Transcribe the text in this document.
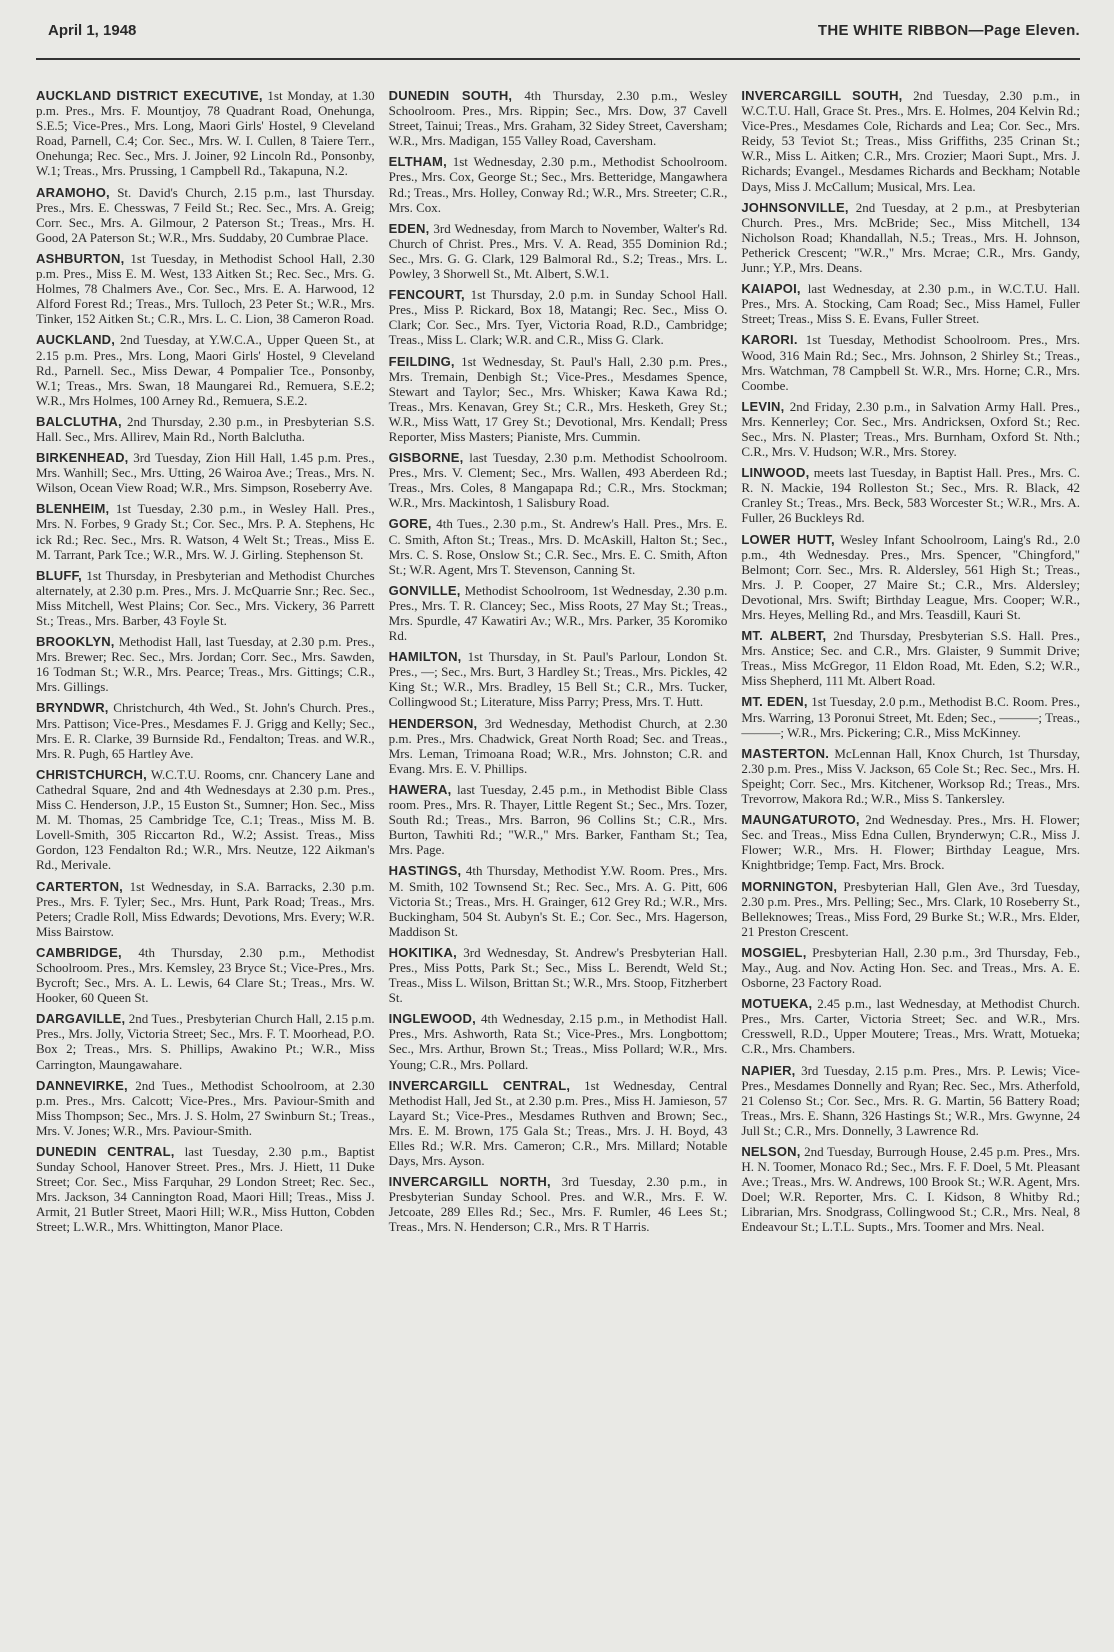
April 1, 1948	THE WHITE RIBBON—Page Eleven.

AUCKLAND DISTRICT EXECUTIVE, 1st Monday, at 1.30 p.m. Pres., Mrs. F. Mountjoy, 78 Quadrant Road, Onehunga, S.E.5; Vice-Pres., Mrs. Long, Maori Girls' Hostel, 9 Cleveland Road, Parnell, C.4; Cor. Sec., Mrs. W. I. Cullen, 8 Taiere Terr., Onehunga; Rec. Sec., Mrs. J. Joiner, 92 Lincoln Rd., Ponsonby, W.1; Treas., Mrs. Prussing, 1 Campbell Rd., Takapuna, N.2.

ARAMOHO, St. David's Church, 2.15 p.m., last Thursday. Pres., Mrs. E. Chesswas, 7 Feild St.; Rec. Sec., Mrs. A. Greig; Corr. Sec., Mrs. A. Gilmour, 2 Paterson St.; Treas., Mrs. H. Good, 2A Paterson St.; W.R., Mrs. Suddaby, 20 Cumbrae Place.

ASHBURTON, 1st Tuesday, in Methodist School Hall, 2.30 p.m. Pres., Miss E. M. West, 133 Aitken St.; Rec. Sec., Mrs. G. Holmes, 78 Chalmers Ave., Cor. Sec., Mrs. E. A. Harwood, 12 Alford Forest Rd.; Treas., Mrs. Tulloch, 23 Peter St.; W.R., Mrs. Tinker, 152 Aitken St.; C.R., Mrs. L. C. Lion, 38 Cameron Road.

AUCKLAND, 2nd Tuesday, at Y.W.C.A., Upper Queen St., at 2.15 p.m. Pres., Mrs. Long, Maori Girls' Hostel, 9 Cleveland Rd., Parnell. Sec., Miss Dewar, 4 Pompalier Tce., Ponsonby, W.1; Treas., Mrs. Swan, 18 Maungarei Rd., Remuera, S.E.2; W.R., Mrs Holmes, 100 Arney Rd., Remuera, S.E.2.

BALCLUTHA, 2nd Thursday, 2.30 p.m., in Presbyterian S.S. Hall. Sec., Mrs. Allirev, Main Rd., North Balclutha.

BIRKENHEAD, 3rd Tuesday, Zion Hill Hall, 1.45 p.m. Pres., Mrs. Wanhill; Sec., Mrs. Utting, 26 Wairoa Ave.; Treas., Mrs. N. Wilson, Ocean View Road; W.R., Mrs. Simpson, Roseberry Ave.

BLENHEIM, 1st Tuesday, 2.30 p.m., in Wesley Hall. Pres., Mrs. N. Forbes, 9 Grady St.; Cor. Sec., Mrs. P. A. Stephens, Hc ick Rd.; Rec. Sec., Mrs. R. Watson, 4 Welt St.; Treas., Miss E. M. Tarrant, Park Tce.; W.R., Mrs. W. J. Girling. Stephenson St.

BLUFF, 1st Thursday, in Presbyterian and Methodist Churches alternately, at 2.30 p.m. Pres., Mrs. J. McQuarrie Snr.; Rec. Sec., Miss Mitchell, West Plains; Cor. Sec., Mrs. Vickery, 36 Parrett St.; Treas., Mrs. Barber, 43 Foyle St.

BROOKLYN, Methodist Hall, last Tuesday, at 2.30 p.m. Pres., Mrs. Brewer; Rec. Sec., Mrs. Jordan; Corr. Sec., Mrs. Sawden, 16 Todman St.; W.R., Mrs. Pearce; Treas., Mrs. Gittings; C.R., Mrs. Gillings.

BRYNDWR, Christchurch, 4th Wed., St. John's Church. Pres., Mrs. Pattison; Vice-Pres., Mesdames F. J. Grigg and Kelly; Sec., Mrs. E. R. Clarke, 39 Burnside Rd., Fendalton; Treas. and W.R., Mrs. R. Pugh, 65 Hartley Ave.

CHRISTCHURCH, W.C.T.U. Rooms, cnr. Chancery Lane and Cathedral Square, 2nd and 4th Wednesdays at 2.30 p.m. Pres., Miss C. Henderson, J.P., 15 Euston St., Sumner; Hon. Sec., Miss M. M. Thomas, 25 Cambridge Tce, C.1; Treas., Miss M. B. Lovell-Smith, 305 Riccarton Rd., W.2; Assist. Treas., Miss Gordon, 123 Fendalton Rd.; W.R., Mrs. Neutze, 122 Aikman's Rd., Merivale.

CARTERTON, 1st Wednesday, in S.A. Barracks, 2.30 p.m. Pres., Mrs. F. Tyler; Sec., Mrs. Hunt, Park Road; Treas., Mrs. Peters; Cradle Roll, Miss Edwards; Devotions, Mrs. Every; W.R. Miss Bairstow.

CAMBRIDGE, 4th Thursday, 2.30 p.m., Methodist Schoolroom. Pres., Mrs. Kemsley, 23 Bryce St.; Vice-Pres., Mrs. Bycroft; Sec., Mrs. A. L. Lewis, 64 Clare St.; Treas., Mrs. W. Hooker, 60 Queen St.

DARGAVILLE, 2nd Tues., Presbyterian Church Hall, 2.15 p.m. Pres., Mrs. Jolly, Victoria Street; Sec., Mrs. F. T. Moorhead, P.O. Box 2; Treas., Mrs. S. Phillips, Awakino Pt.; W.R., Miss Carrington, Maungawahare.

DANNEVIRKE, 2nd Tues., Methodist Schoolroom, at 2.30 p.m. Pres., Mrs. Calcott; Vice-Pres., Mrs. Paviour-Smith and Miss Thompson; Sec., Mrs. J. S. Holm, 27 Swinburn St.; Treas., Mrs. V. Jones; W.R., Mrs. Paviour-Smith.

DUNEDIN CENTRAL, last Tuesday, 2.30 p.m., Baptist Sunday School, Hanover Street. Pres., Mrs. J. Hiett, 11 Duke Street; Cor. Sec., Miss Farquhar, 29 London Street; Rec. Sec., Mrs. Jackson, 34 Cannington Road, Maori Hill; Treas., Miss J. Armit, 21 Butler Street, Maori Hill; W.R., Miss Hutton, Cobden Street; L.W.R., Mrs. Whittington, Manor Place.

DUNEDIN SOUTH, 4th Thursday, 2.30 p.m., Wesley Schoolroom. Pres., Mrs. Rippin; Sec., Mrs. Dow, 37 Cavell Street, Tainui; Treas., Mrs. Graham, 32 Sidey Street, Caversham; W.R., Mrs. Madigan, 155 Valley Road, Caversham.

ELTHAM, 1st Wednesday, 2.30 p.m., Methodist Schoolroom. Pres., Mrs. Cox, George St.; Sec., Mrs. Betteridge, Mangawhera Rd.; Treas., Mrs. Holley, Conway Rd.; W.R., Mrs. Streeter; C.R., Mrs. Cox.

EDEN, 3rd Wednesday, from March to November, Walter's Rd. Church of Christ. Pres., Mrs. V. A. Read, 355 Dominion Rd.; Sec., Mrs. G. G. Clark, 129 Balmoral Rd., S.2; Treas., Mrs. L. Powley, 3 Shorwell St., Mt. Albert, S.W.1.

FENCOURT, 1st Thursday, 2.0 p.m. in Sunday School Hall. Pres., Miss P. Rickard, Box 18, Matangi; Rec. Sec., Miss O. Clark; Cor. Sec., Mrs. Tyer, Victoria Road, R.D., Cambridge; Treas., Miss L. Clark; W.R. and C.R., Miss G. Clark.

FEILDING, 1st Wednesday, St. Paul's Hall, 2.30 p.m. Pres., Mrs. Tremain, Denbigh St.; Vice-Pres., Mesdames Spence, Stewart and Taylor; Sec., Mrs. Whisker; Kawa Kawa Rd.; Treas., Mrs. Kenavan, Grey St.; C.R., Mrs. Hesketh, Grey St.; W.R., Miss Watt, 17 Grey St.; Devotional, Mrs. Kendall; Press Reporter, Miss Masters; Pianiste, Mrs. Cummin.

GISBORNE, last Tuesday, 2.30 p.m. Methodist Schoolroom. Pres., Mrs. V. Clement; Sec., Mrs. Wallen, 493 Aberdeen Rd.; Treas., Mrs. Coles, 8 Mangapapa Rd.; C.R., Mrs. Stockman; W.R., Mrs. Mackintosh, 1 Salisbury Road.

GORE, 4th Tues., 2.30 p.m., St. Andrew's Hall. Pres., Mrs. E. C. Smith, Afton St.; Treas., Mrs. D. McAskill, Halton St.; Sec., Mrs. C. S. Rose, Onslow St.; C.R. Sec., Mrs. E. C. Smith, Afton St.; W.R. Agent, Mrs T. Stevenson, Canning St.

GONVILLE, Methodist Schoolroom, 1st Wednesday, 2.30 p.m. Pres., Mrs. T. R. Clancey; Sec., Miss Roots, 27 May St.; Treas., Mrs. Spurdle, 47 Kawatiri Av.; W.R., Mrs. Parker, 35 Koromiko Rd.

HAMILTON, 1st Thursday, in St. Paul's Parlour, London St. Pres., —; Sec., Mrs. Burt, 3 Hardley St.; Treas., Mrs. Pickles, 42 King St.; W.R., Mrs. Bradley, 15 Bell St.; C.R., Mrs. Tucker, Collingwood St.; Literature, Miss Parry; Press, Mrs. T. Hutt.

HENDERSON, 3rd Wednesday, Methodist Church, at 2.30 p.m. Pres., Mrs. Chadwick, Great North Road; Sec. and Treas., Mrs. Leman, Trimoana Road; W.R., Mrs. Johnston; C.R. and Evang. Mrs. E. V. Phillips.

HAWERA, last Tuesday, 2.45 p.m., in Methodist Bible Class room. Pres., Mrs. R. Thayer, Little Regent St.; Sec., Mrs. Tozer, South Rd.; Treas., Mrs. Barron, 96 Collins St.; C.R., Mrs. Burton, Tawhiti Rd.; "W.R.," Mrs. Barker, Fantham St.; Tea, Mrs. Page.

HASTINGS, 4th Thursday, Methodist Y.W. Room. Pres., Mrs. M. Smith, 102 Townsend St.; Rec. Sec., Mrs. A. G. Pitt, 606 Victoria St.; Treas., Mrs. H. Grainger, 612 Grey Rd.; W.R., Mrs. Buckingham, 504 St. Aubyn's St. E.; Cor. Sec., Mrs. Hagerson, Maddison St.

HOKITIKA, 3rd Wednesday, St. Andrew's Presbyterian Hall. Pres., Miss Potts, Park St.; Sec., Miss L. Berendt, Weld St.; Treas., Miss L. Wilson, Brittan St.; W.R., Mrs. Stoop, Fitzherbert St.

INGLEWOOD, 4th Wednesday, 2.15 p.m., in Methodist Hall. Pres., Mrs. Ashworth, Rata St.; Vice-Pres., Mrs. Longbottom; Sec., Mrs. Arthur, Brown St.; Treas., Miss Pollard; W.R., Mrs. Young; C.R., Mrs. Pollard.

INVERCARGILL CENTRAL, 1st Wednesday, Central Methodist Hall, Jed St., at 2.30 p.m. Pres., Miss H. Jamieson, 57 Layard St.; Vice-Pres., Mesdames Ruthven and Brown; Sec., Mrs. E. M. Brown, 175 Gala St.; Treas., Mrs. J. H. Boyd, 43 Elles Rd.; W.R. Mrs. Cameron; C.R., Mrs. Millard; Notable Days, Mrs. Ayson.

INVERCARGILL NORTH, 3rd Tuesday, 2.30 p.m., in Presbyterian Sunday School. Pres. and W.R., Mrs. F. W. Jetcoate, 289 Elles Rd.; Sec., Mrs. F. Rumler, 46 Lees St.; Treas., Mrs. N. Henderson; C.R., Mrs. R T Harris.

INVERCARGILL SOUTH, 2nd Tuesday, 2.30 p.m., in W.C.T.U. Hall, Grace St. Pres., Mrs. E. Holmes, 204 Kelvin Rd.; Vice-Pres., Mesdames Cole, Richards and Lea; Cor. Sec., Mrs. Reidy, 53 Teviot St.; Treas., Miss Griffiths, 235 Crinan St.; W.R., Miss L. Aitken; C.R., Mrs. Crozier; Maori Supt., Mrs. J. Richards; Evangel., Mesdames Richards and Beckham; Notable Days, Miss J. McCallum; Musical, Mrs. Lea.

JOHNSONVILLE, 2nd Tuesday, at 2 p.m., at Presbyterian Church. Pres., Mrs. McBride; Sec., Miss Mitchell, 134 Nicholson Road; Khandallah, N.5.; Treas., Mrs. H. Johnson, Petherick Crescent; "W.R.," Mrs. Mcrae; C.R., Mrs. Gandy, Junr.; Y.P., Mrs. Deans.

KAIAPOI, last Wednesday, at 2.30 p.m., in W.C.T.U. Hall. Pres., Mrs. A. Stocking, Cam Road; Sec., Miss Hamel, Fuller Street; Treas., Miss S. E. Evans, Fuller Street.

KARORI. 1st Tuesday, Methodist Schoolroom. Pres., Mrs. Wood, 316 Main Rd.; Sec., Mrs. Johnson, 2 Shirley St.; Treas., Mrs. Watchman, 78 Campbell St. W.R., Mrs. Horne; C.R., Mrs. Coombe.

LEVIN, 2nd Friday, 2.30 p.m., in Salvation Army Hall. Pres., Mrs. Kennerley; Cor. Sec., Mrs. Andricksen, Oxford St.; Rec. Sec., Mrs. N. Plaster; Treas., Mrs. Burnham, Oxford St. Nth.; C.R., Mrs. V. Hudson; W.R., Mrs. Storey.

LINWOOD, meets last Tuesday, in Baptist Hall. Pres., Mrs. C. R. N. Mackie, 194 Rolleston St.; Sec., Mrs. R. Black, 42 Cranley St.; Treas., Mrs. Beck, 583 Worcester St.; W.R., Mrs. A. Fuller, 26 Buckleys Rd.

LOWER HUTT, Wesley Infant Schoolroom, Laing's Rd., 2.0 p.m., 4th Wednesday. Pres., Mrs. Spencer, "Chingford," Belmont; Corr. Sec., Mrs. R. Aldersley, 561 High St.; Treas., Mrs. J. P. Cooper, 27 Maire St.; C.R., Mrs. Aldersley; Devotional, Mrs. Swift; Birthday League, Mrs. Cooper; W.R., Mrs. Heyes, Melling Rd., and Mrs. Teasdill, Kauri St.

MT. ALBERT, 2nd Thursday, Presbyterian S.S. Hall. Pres., Mrs. Anstice; Sec. and C.R., Mrs. Glaister, 9 Summit Drive; Treas., Miss McGregor, 11 Eldon Road, Mt. Eden, S.2; W.R., Miss Shepherd, 111 Mt. Albert Road.

MT. EDEN, 1st Tuesday, 2.0 p.m., Methodist B.C. Room. Pres., Mrs. Warring, 13 Poronui Street, Mt. Eden; Sec., ———; Treas., ———; W.R., Mrs. Pickering; C.R., Miss McKinney.

MASTERTON. McLennan Hall, Knox Church, 1st Thursday, 2.30 p.m. Pres., Miss V. Jackson, 65 Cole St.; Rec. Sec., Mrs. H. Speight; Corr. Sec., Mrs. Kitchener, Worksop Rd.; Treas., Mrs. Trevorrow, Makora Rd.; W.R., Miss S. Tankersley.

MAUNGATUROTO, 2nd Wednesday. Pres., Mrs. H. Flower; Sec. and Treas., Miss Edna Cullen, Brynderwyn; C.R., Miss J. Flower; W.R., Mrs. H. Flower; Birthday League, Mrs. Knightbridge; Temp. Fact, Mrs. Brock.

MORNINGTON, Presbyterian Hall, Glen Ave., 3rd Tuesday, 2.30 p.m. Pres., Mrs. Pelling; Sec., Mrs. Clark, 10 Roseberry St., Belleknowes; Treas., Miss Ford, 29 Burke St.; W.R., Mrs. Elder, 21 Preston Crescent.

MOSGIEL, Presbyterian Hall, 2.30 p.m., 3rd Thursday, Feb., May., Aug. and Nov. Acting Hon. Sec. and Treas., Mrs. A. E. Osborne, 23 Factory Road.

MOTUEKA, 2.45 p.m., last Wednesday, at Methodist Church. Pres., Mrs. Carter, Victoria Street; Sec. and W.R., Mrs. Cresswell, R.D., Upper Moutere; Treas., Mrs. Wratt, Motueka; C.R., Mrs. Chambers.

NAPIER, 3rd Tuesday, 2.15 p.m. Pres., Mrs. P. Lewis; Vice-Pres., Mesdames Donnelly and Ryan; Rec. Sec., Mrs. Atherfold, 21 Colenso St.; Cor. Sec., Mrs. R. G. Martin, 56 Battery Road; Treas., Mrs. E. Shann, 326 Hastings St.; W.R., Mrs. Gwynne, 24 Jull St.; C.R., Mrs. Donnelly, 3 Lawrence Rd.

NELSON, 2nd Tuesday, Burrough House, 2.45 p.m. Pres., Mrs. H. N. Toomer, Monaco Rd.; Sec., Mrs. F. F. Doel, 5 Mt. Pleasant Ave.; Treas., Mrs. W. Andrews, 100 Brook St.; W.R. Agent, Mrs. Doel; W.R. Reporter, Mrs. C. I. Kidson, 8 Whitby Rd.; Librarian, Mrs. Snodgrass, Collingwood St.; C.R., Mrs. Neal, 8 Endeavour St.; L.T.L. Supts., Mrs. Toomer and Mrs. Neal.
